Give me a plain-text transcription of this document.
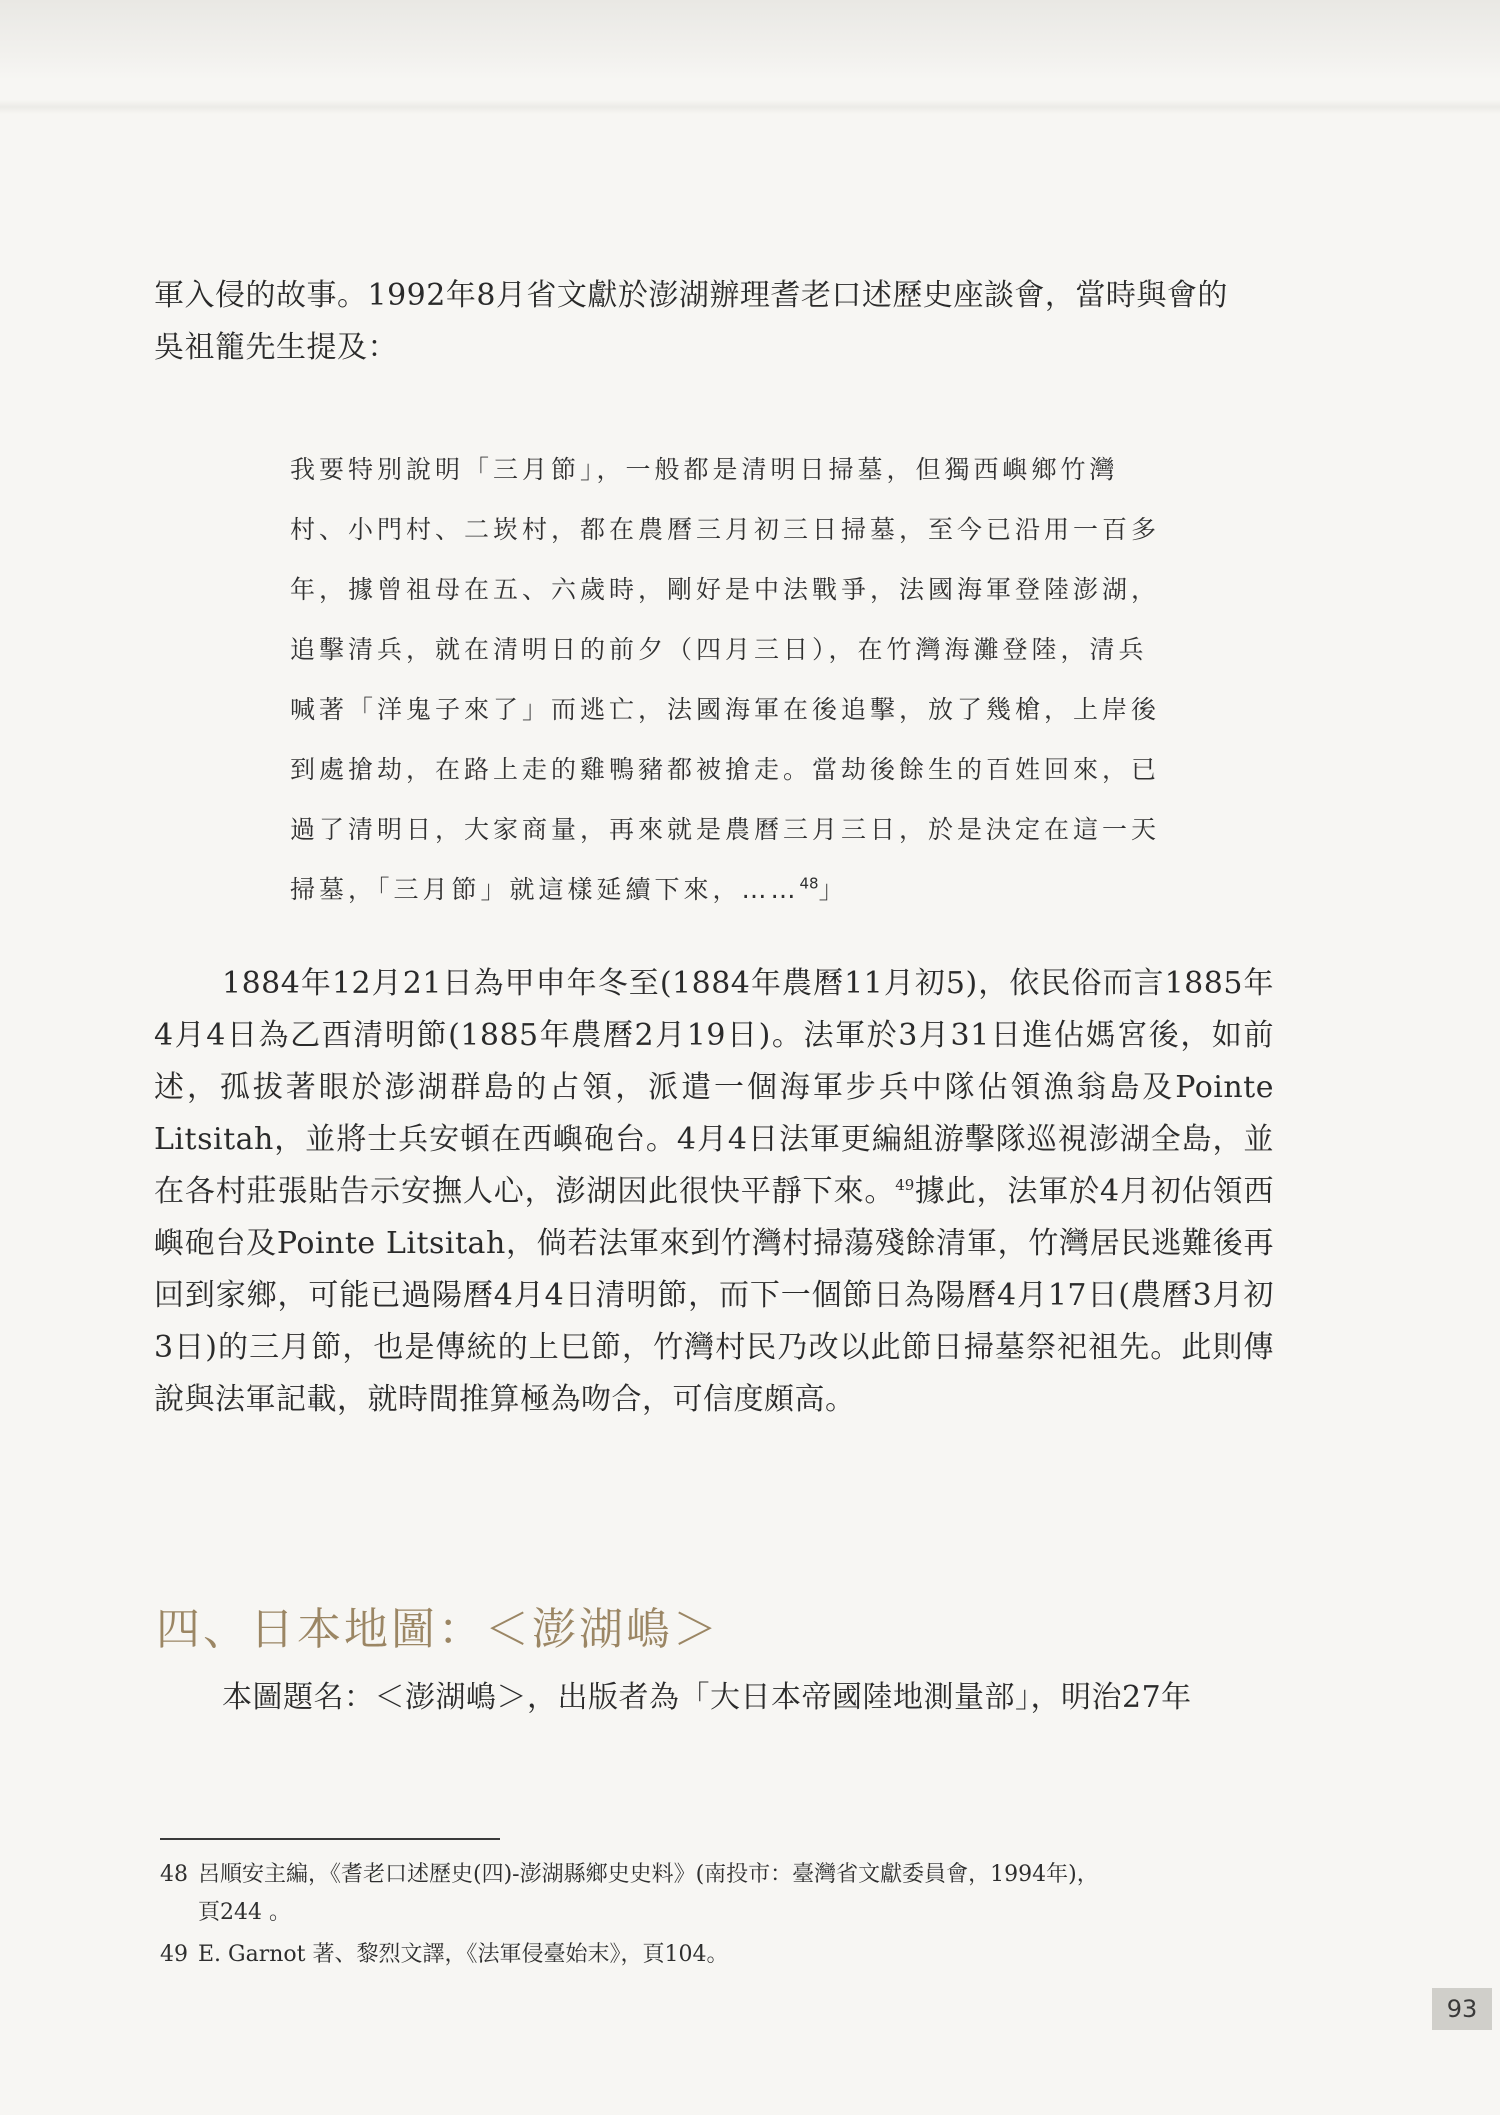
軍入侵的故事。1992年8月省文獻於澎湖辦理耆老口述歷史座談會，當時與會的
吳祖籠先生提及：

我要特別說明「三月節」，一般都是清明日掃墓，但獨西嶼鄉竹灣
村、小門村、二崁村，都在農曆三月初三日掃墓，至今已沿用一百多
年，據曾祖母在五、六歲時，剛好是中法戰爭，法國海軍登陸澎湖，
追擊清兵，就在清明日的前夕（四月三日），在竹灣海灘登陸，清兵
喊著「洋鬼子來了」而逃亡，法國海軍在後追擊，放了幾槍，上岸後
到處搶劫，在路上走的雞鴨豬都被搶走。當劫後餘生的百姓回來，已
過了清明日，大家商量，再來就是農曆三月三日，於是決定在這一天
掃墓，「三月節」就這樣延續下來，……$^{48}$」

1884年12月21日為甲申年冬至(1884年農曆11月初5)，依民俗而言1885年4月4日為乙酉清明節(1885年農曆2月19日)。法軍於3月31日進佔媽宮後，如前述，孤拔著眼於澎湖群島的占領，派遣一個海軍步兵中隊佔領漁翁島及Pointe Litsitah，並將士兵安頓在西嶼砲台。4月4日法軍更編組游擊隊巡視澎湖全島，並在各村莊張貼告示安撫人心，澎湖因此很快平靜下來。$^{49}$據此，法軍於4月初佔領西嶼砲台及Pointe Litsitah，倘若法軍來到竹灣村掃蕩殘餘清軍，竹灣居民逃難後再回到家鄉，可能已過陽曆4月4日清明節，而下一個節日為陽曆4月17日(農曆3月初3日)的三月節，也是傳統的上巳節，竹灣村民乃改以此節日掃墓祭祀祖先。此則傳說與法軍記載，就時間推算極為吻合，可信度頗高。

四、日本地圖：＜澎湖嶋＞

本圖題名：＜澎湖嶋＞，出版者為「大日本帝國陸地測量部」，明治27年

48 呂順安主編，《耆老口述歷史(四)-澎湖縣鄉史史料》(南投市：臺灣省文獻委員會，1994年)，
頁244 。

49 E. Garnot 著、黎烈文譯，《法軍侵臺始末》，頁104。

93
